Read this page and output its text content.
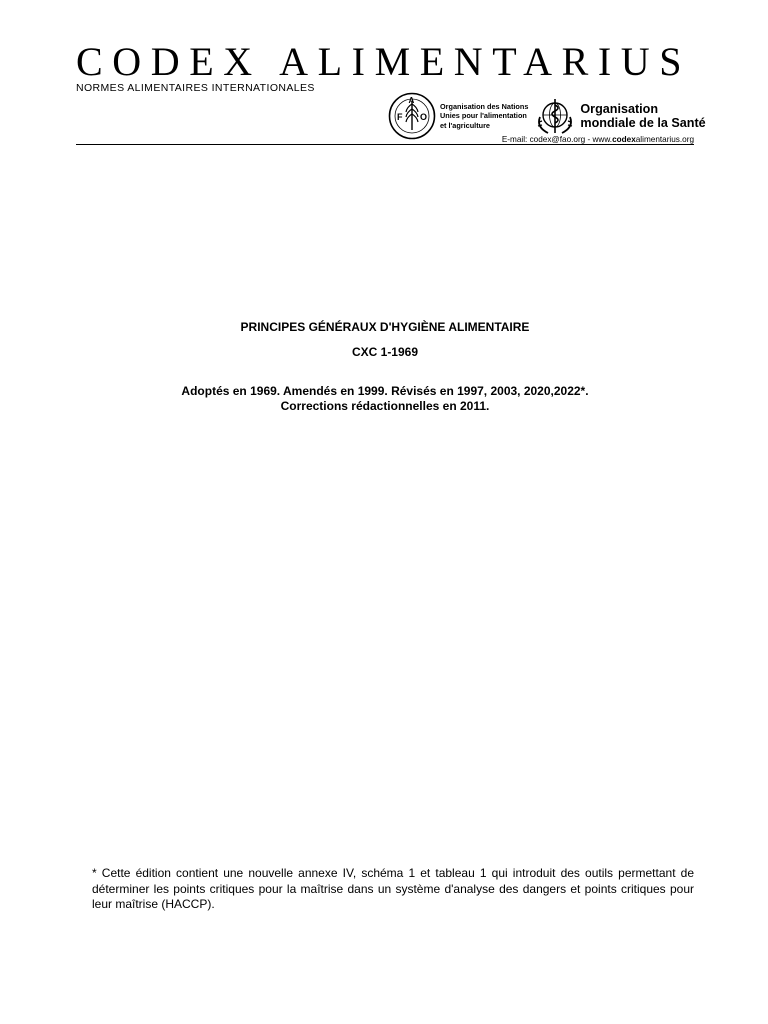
CODEX ALIMENTARIUS
NORMES ALIMENTAIRES INTERNATIONALES
F
A
O
Organisation des Nations
Unies pour l'alimentation
et l'agriculture
Organisation
mondiale de la Santé
E-mail: codex@fao.org - www.codexalimentarius.org
PRINCIPES GÉNÉRAUX D'HYGIÈNE ALIMENTAIRE
CXC 1-1969
Adoptés en 1969. Amendés en 1999. Révisés en 1997, 2003, 2020,2022*.
Corrections rédactionnelles en 2011.
* Cette édition contient une nouvelle annexe IV, schéma 1 et tableau 1 qui introduit des outils permettant de déterminer les points critiques pour la maîtrise dans un système d'analyse des dangers et points critiques pour leur maîtrise (HACCP).
